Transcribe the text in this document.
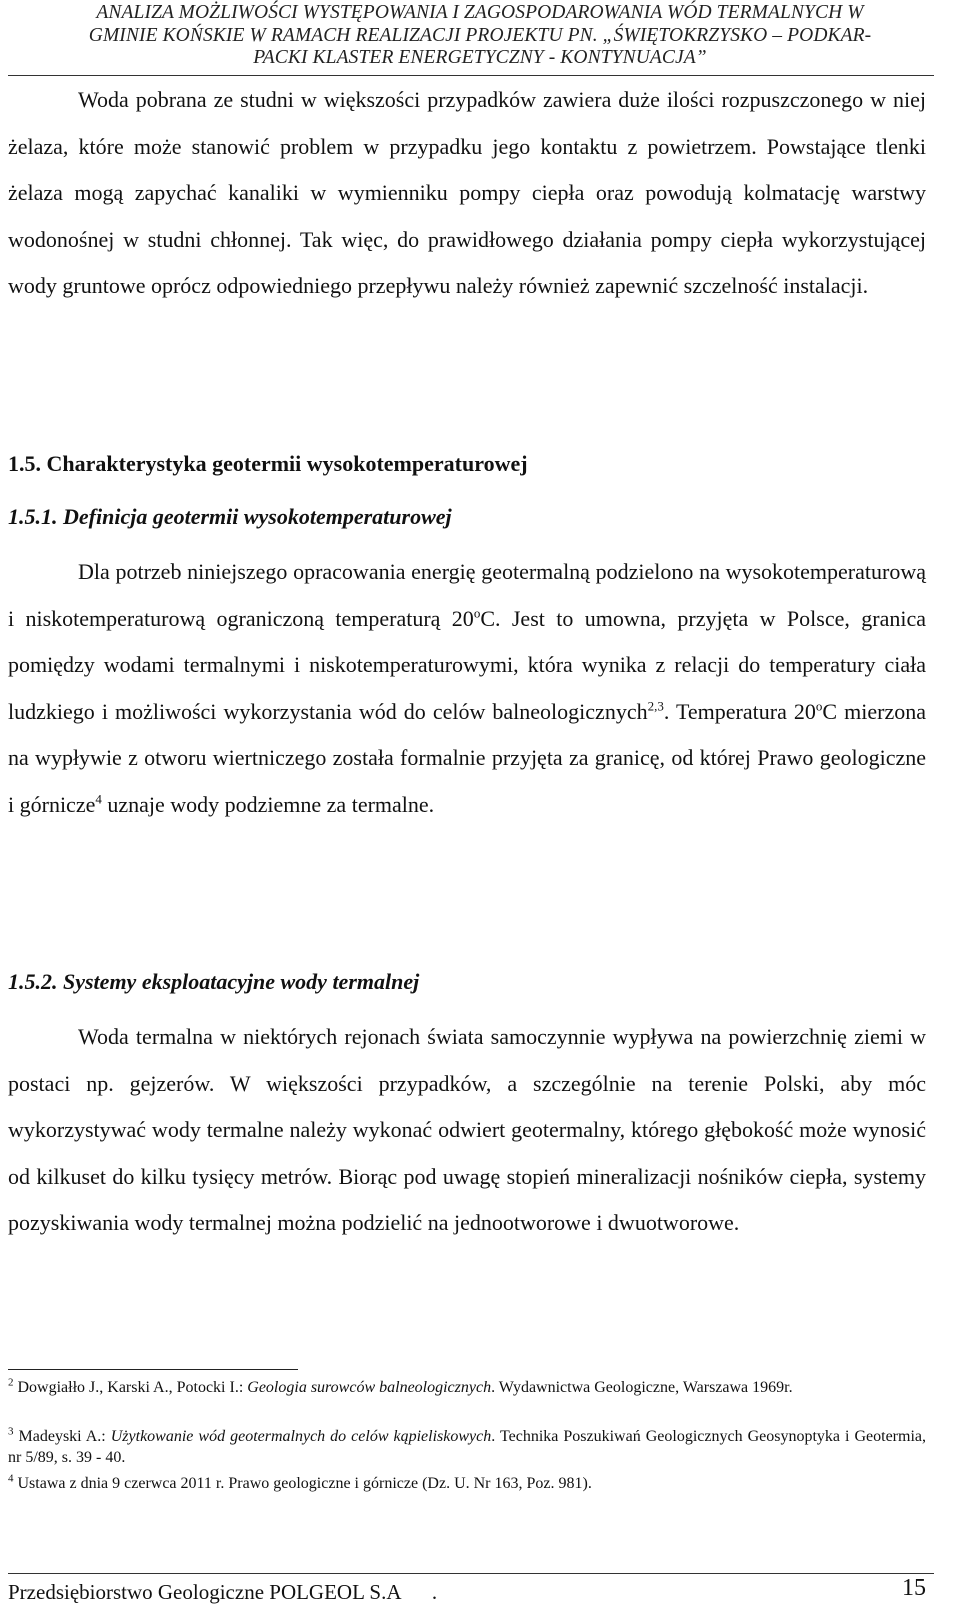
ANALIZA MOŻLIWOŚCI WYSTĘPOWANIA I ZAGOSPODAROWANIA WÓD TERMALNYCH W
GMINIE KOŃSKIE W RAMACH REALIZACJI PROJEKTU PN. „ŚWIĘTOKRZYSKO – PODKAR-
PACKI KLASTER ENERGETYCZNY - KONTYNUACJA”

Woda pobrana ze studni w większości przypadków zawiera duże ilości rozpuszczonego w niej żelaza, które może stanowić problem w przypadku jego kontaktu z powietrzem. Powstające tlenki żelaza mogą zapychać kanaliki w wymienniku pompy ciepła oraz powodują kolmatację warstwy wodonośnej w studni chłonnej. Tak więc, do prawidłowego działania pompy ciepła wykorzystującej wody gruntowe oprócz odpowiedniego przepływu należy również zapewnić szczelność instalacji.

1.5. Charakterystyka geotermii wysokotemperaturowej
1.5.1. Definicja geotermii wysokotemperaturowej

Dla potrzeb niniejszego opracowania energię geotermalną podzielono na wysokotemperaturową i niskotemperaturową ograniczoną temperaturą 20$^o$C. Jest to umowna, przyjęta w Polsce, granica pomiędzy wodami termalnymi i niskotemperaturowymi, która wynika z relacji do temperatury ciała ludzkiego i możliwości wykorzystania wód do celów balneologicznych$^{2,3}$. Temperatura 20$^o$C mierzona na wypływie z otworu wiertniczego została formalnie przyjęta za granicę, od której Prawo geologiczne i górnicze$^4$ uznaje wody podziemne za termalne.

1.5.2. Systemy eksploatacyjne wody termalnej

Woda termalna w niektórych rejonach świata samoczynnie wypływa na powierzchnię ziemi w postaci np. gejzerów. W większości przypadków, a szczególnie na terenie Polski, aby móc wykorzystywać wody termalne należy wykonać odwiert geotermalny, którego głębokość może wynosić od kilkuset do kilku tysięcy metrów. Biorąc pod uwagę stopień mineralizacji nośników ciepła, systemy pozyskiwania wody termalnej można podzielić na jednootworowe i dwuotworowe.

$^2$ Dowgiałło J., Karski A., Potocki I.: Geologia surowców balneologicznych. Wydawnictwa Geologiczne, Warszawa 1969r.

$^3$ Madeyski A.: Użytkowanie wód geotermalnych do celów kąpieliskowych. Technika Poszukiwań Geologicznych Geosynoptyka i Geotermia, nr 5/89, s. 39 - 40.

$^4$ Ustawa z dnia 9 czerwca 2011 r. Prawo geologiczne i górnicze (Dz. U. Nr 163, Poz. 981).

Przedsiębiorstwo Geologiczne POLGEOL S.A      .	15
